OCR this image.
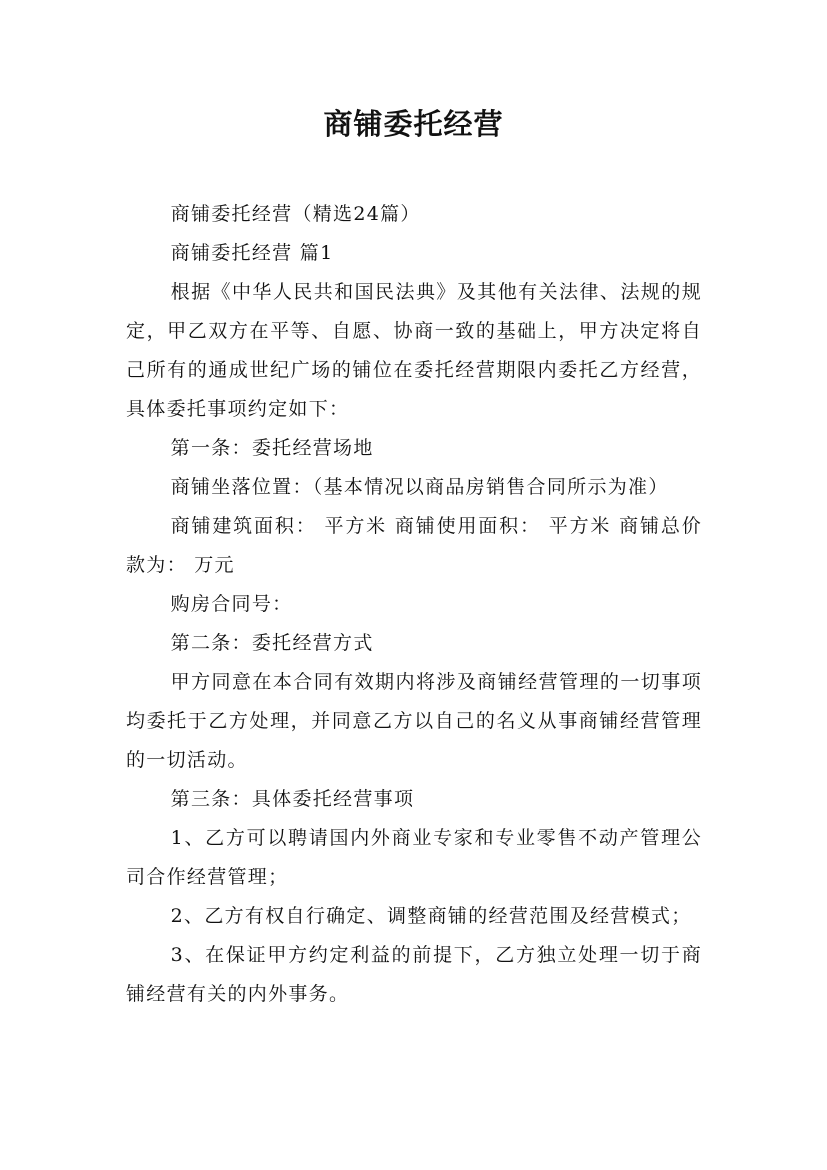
商铺委托经营

商铺委托经营（精选24篇）

商铺委托经营 篇1

根据《中华人民共和国民法典》及其他有关法律、法规的规定，甲乙双方在平等、自愿、协商一致的基础上，甲方决定将自己所有的通成世纪广场的铺位在委托经营期限内委托乙方经营，具体委托事项约定如下：

第一条：委托经营场地

商铺坐落位置：（基本情况以商品房销售合同所示为准）

商铺建筑面积： 平方米 商铺使用面积： 平方米 商铺总价款为： 万元

购房合同号：

第二条：委托经营方式

甲方同意在本合同有效期内将涉及商铺经营管理的一切事项均委托于乙方处理，并同意乙方以自己的名义从事商铺经营管理的一切活动。

第三条：具体委托经营事项

1、乙方可以聘请国内外商业专家和专业零售不动产管理公司合作经营管理；

2、乙方有权自行确定、调整商铺的经营范围及经营模式；

3、在保证甲方约定利益的前提下，乙方独立处理一切于商铺经营有关的内外事务。
